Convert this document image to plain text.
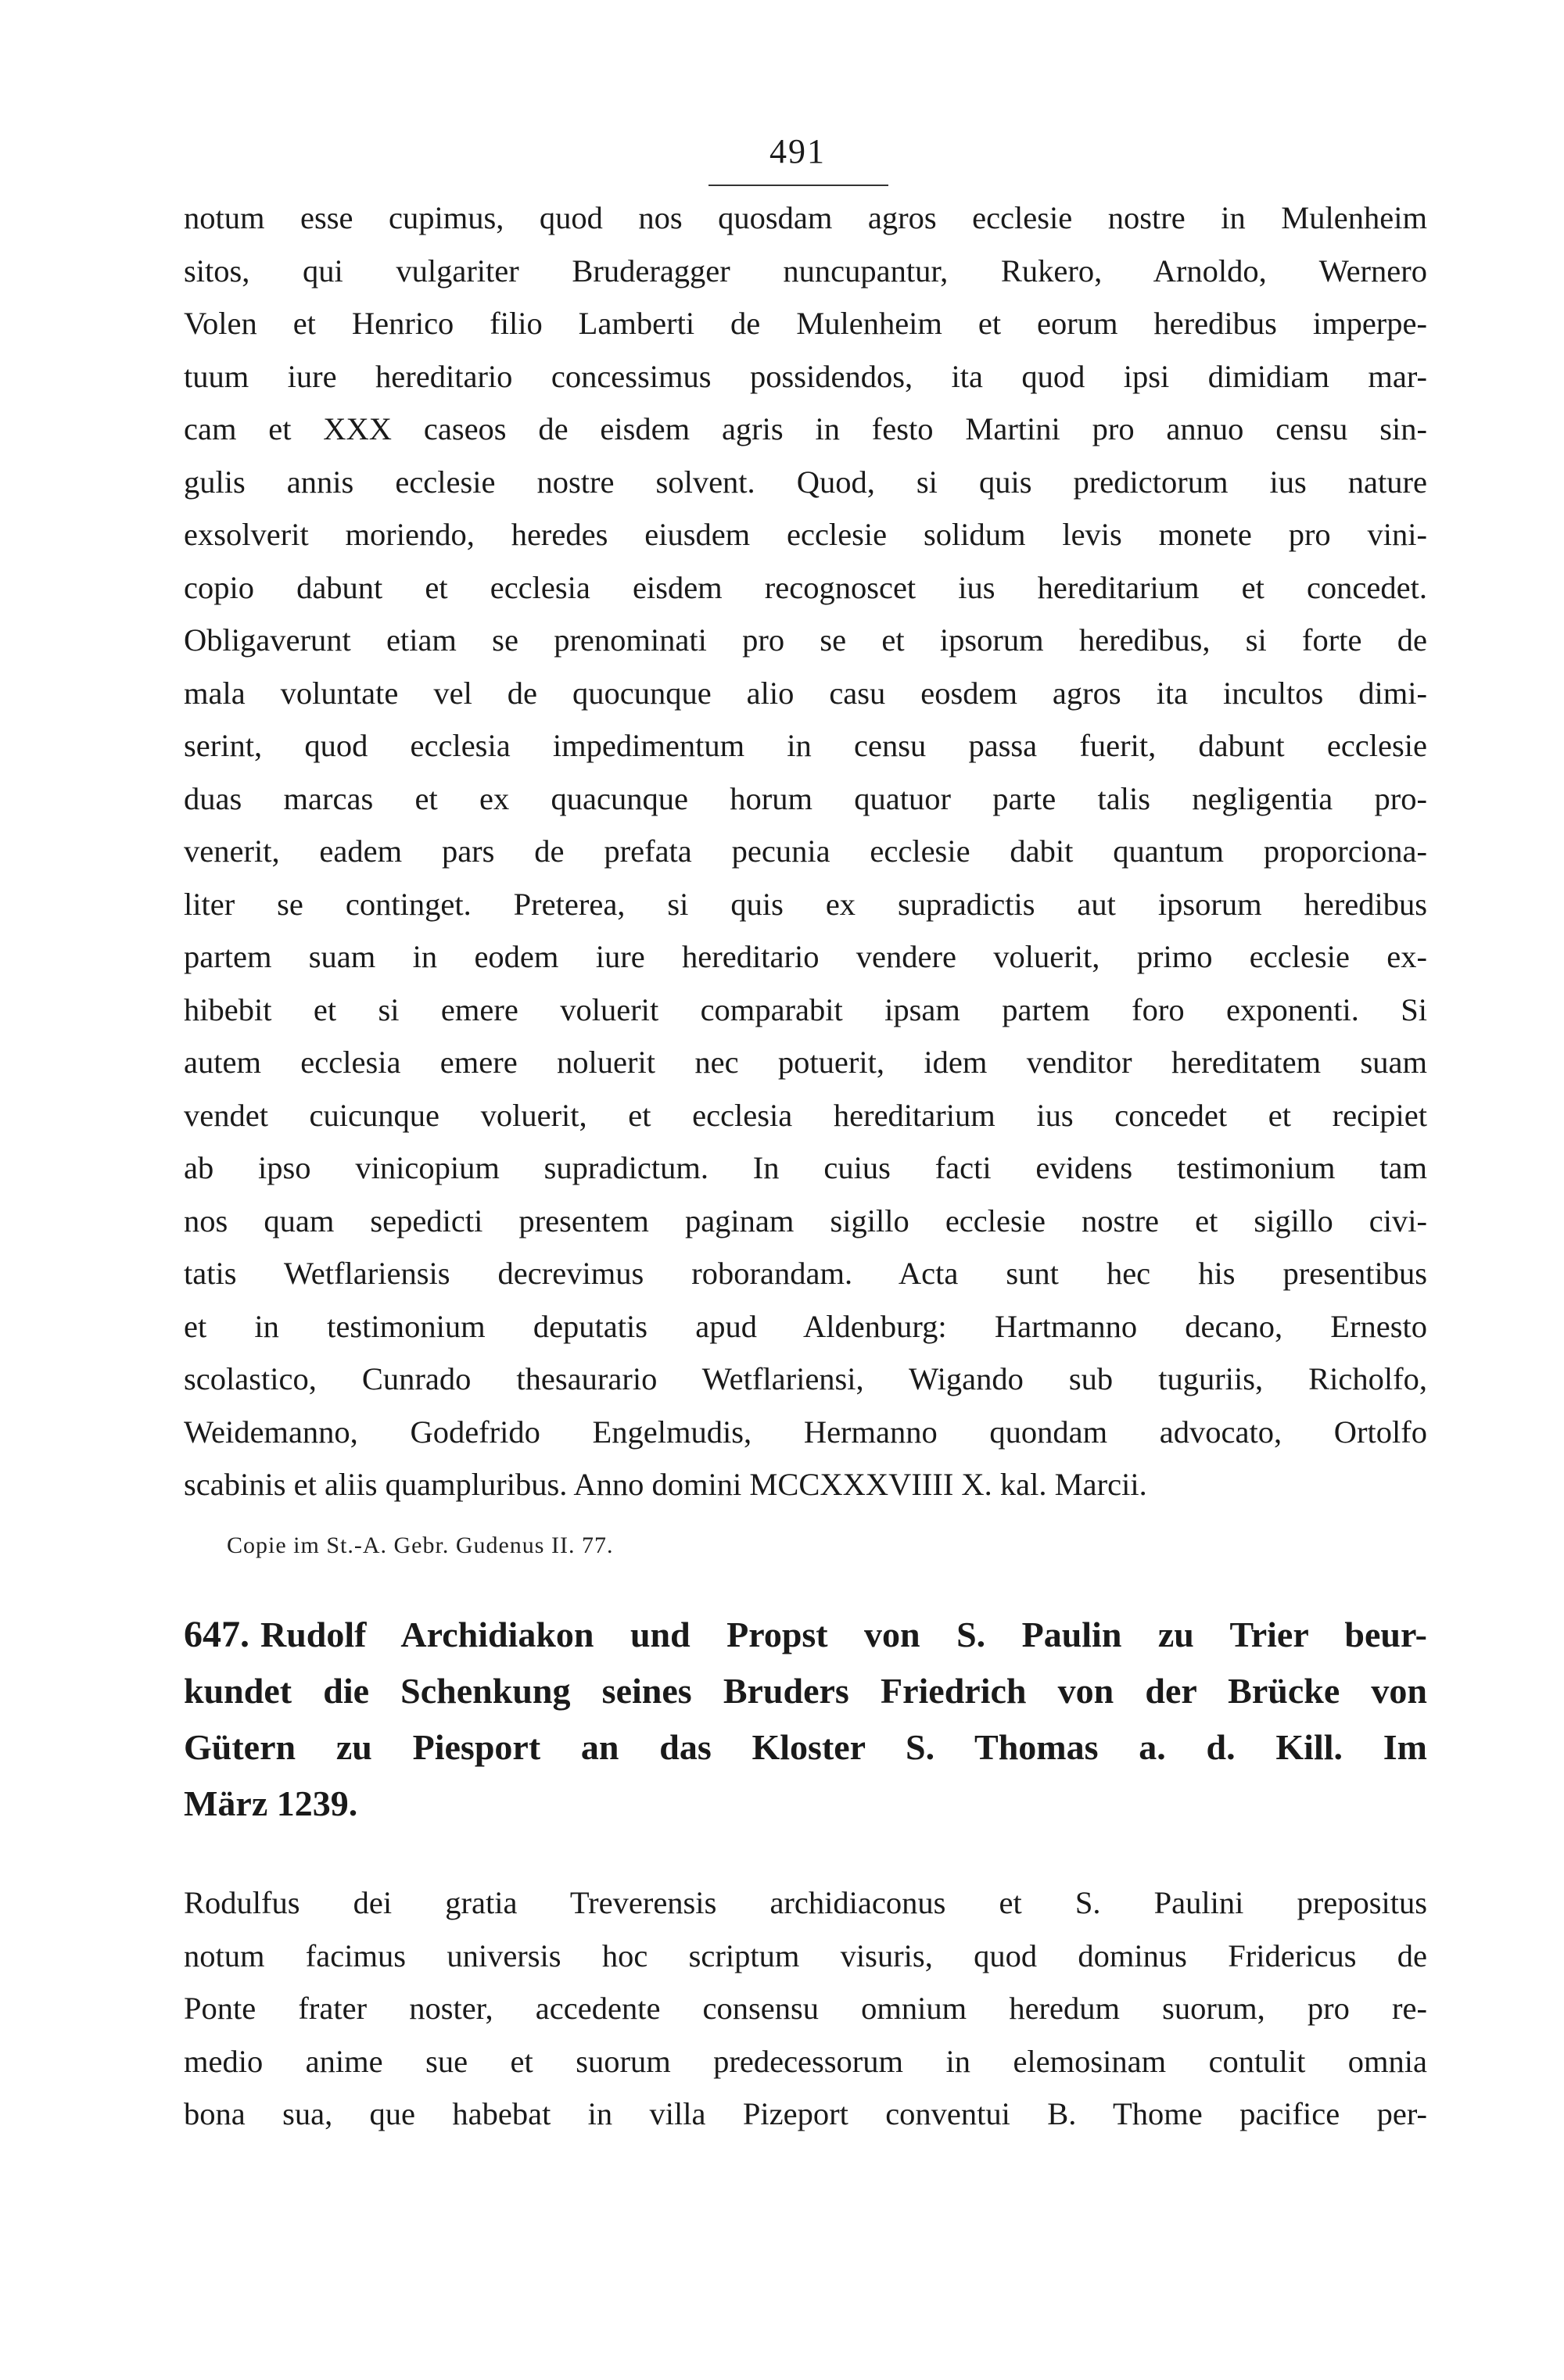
491
notum esse cupimus, quod nos quosdam agros ecclesie nostre in Mulenheim
sitos, qui vulgariter Bruderagger nuncupantur, Rukero, Arnoldo, Wernero
Volen et Henrico filio Lamberti de Mulenheim et eorum heredibus imperpe-
tuum iure hereditario concessimus possidendos, ita quod ipsi dimidiam mar-
cam et XXX caseos de eisdem agris in festo Martini pro annuo censu sin-
gulis annis ecclesie nostre solvent. Quod, si quis predictorum ius nature
exsolverit moriendo, heredes eiusdem ecclesie solidum levis monete pro vini-
copio dabunt et ecclesia eisdem recognoscet ius hereditarium et concedet.
Obligaverunt etiam se prenominati pro se et ipsorum heredibus, si forte de
mala voluntate vel de quocunque alio casu eosdem agros ita incultos dimi-
serint, quod ecclesia impedimentum in censu passa fuerit, dabunt ecclesie
duas marcas et ex quacunque horum quatuor parte talis negligentia pro-
venerit, eadem pars de prefata pecunia ecclesie dabit quantum proporciona-
liter se continget. Preterea, si quis ex supradictis aut ipsorum heredibus
partem suam in eodem iure hereditario vendere voluerit, primo ecclesie ex-
hibebit et si emere voluerit comparabit ipsam partem foro exponenti. Si
autem ecclesia emere noluerit nec potuerit, idem venditor hereditatem suam
vendet cuicunque voluerit, et ecclesia hereditarium ius concedet et recipiet
ab ipso vinicopium supradictum. In cuius facti evidens testimonium tam
nos quam sepedicti presentem paginam sigillo ecclesie nostre et sigillo civi-
tatis Wetflariensis decrevimus roborandam. Acta sunt hec his presentibus
et in testimonium deputatis apud Aldenburg: Hartmanno decano, Ernesto
scolastico, Cunrado thesaurario Wetflariensi, Wigando sub tuguriis, Richolfo,
Weidemanno, Godefrido Engelmudis, Hermanno quondam advocato, Ortolfo
scabinis et aliis quampluribus. Anno domini MCCXXXVIIII X. kal. Marcii.
Copie im St.-A. Gebr. Gudenus II. 77.
647. Rudolf Archidiakon und Propst von S. Paulin zu Trier beur-
kundet die Schenkung seines Bruders Friedrich von der Brücke von
Gütern zu Piesport an das Kloster S. Thomas a. d. Kill. Im
März 1239.
Rodulfus dei gratia Treverensis archidiaconus et S. Paulini prepositus
notum facimus universis hoc scriptum visuris, quod dominus Fridericus de
Ponte frater noster, accedente consensu omnium heredum suorum, pro re-
medio anime sue et suorum predecessorum in elemosinam contulit omnia
bona sua, que habebat in villa Pizeport conventui B. Thome pacifice per-
